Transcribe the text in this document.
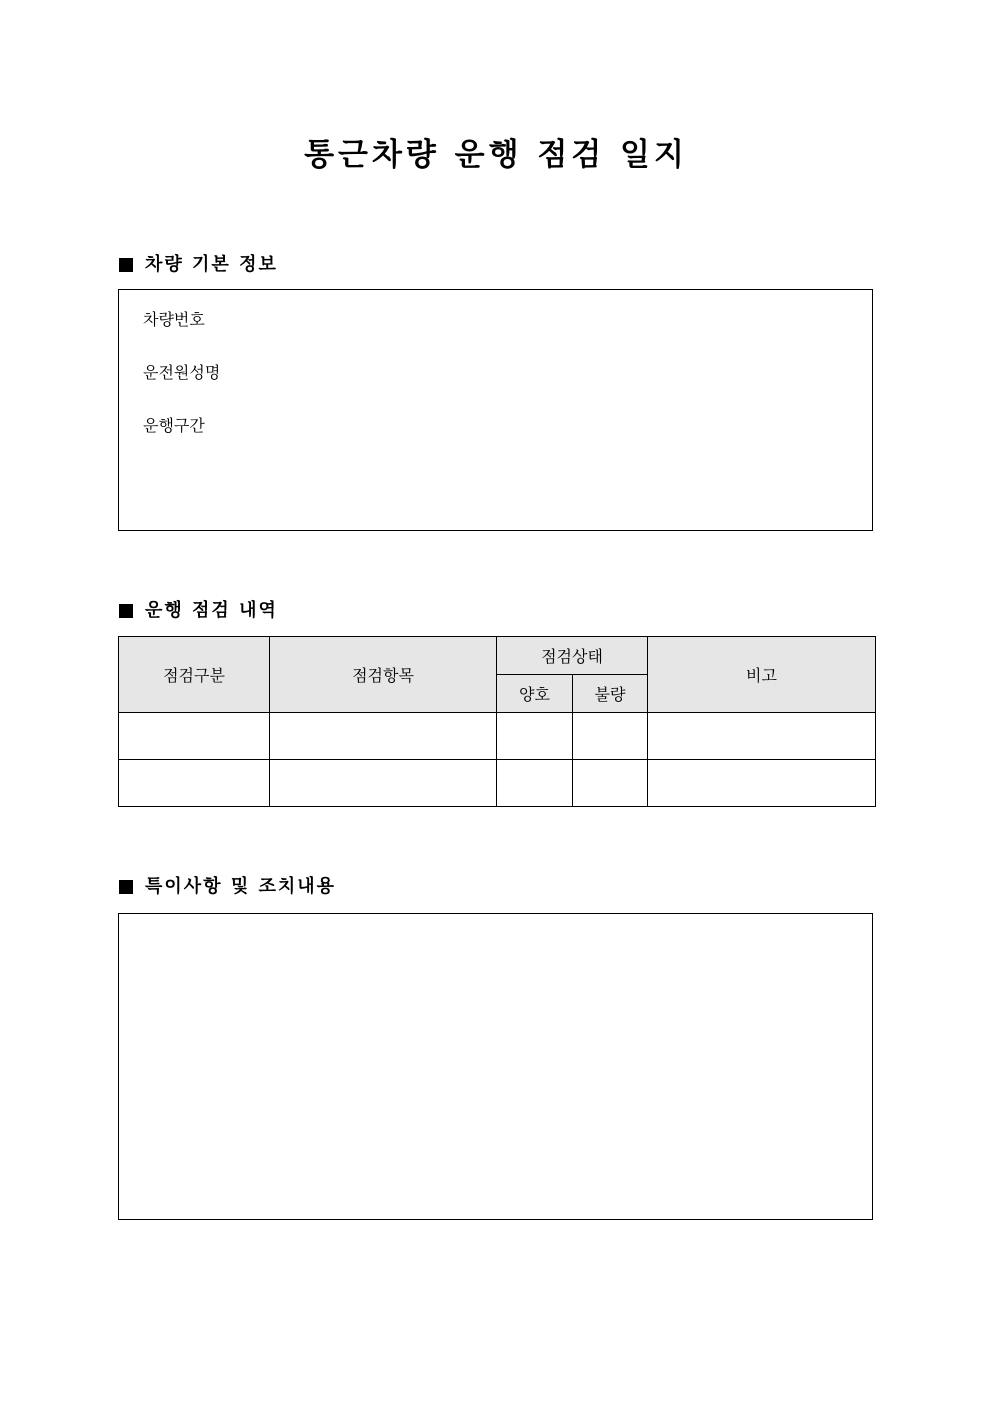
통근차량 운행 점검 일지
차량 기본 정보
차량번호
운전원성명
운행구간
운행 점검 내역
점검구분	점검항목	점검상태		비고
		양호	불량	

특이사항 및 조치내용
